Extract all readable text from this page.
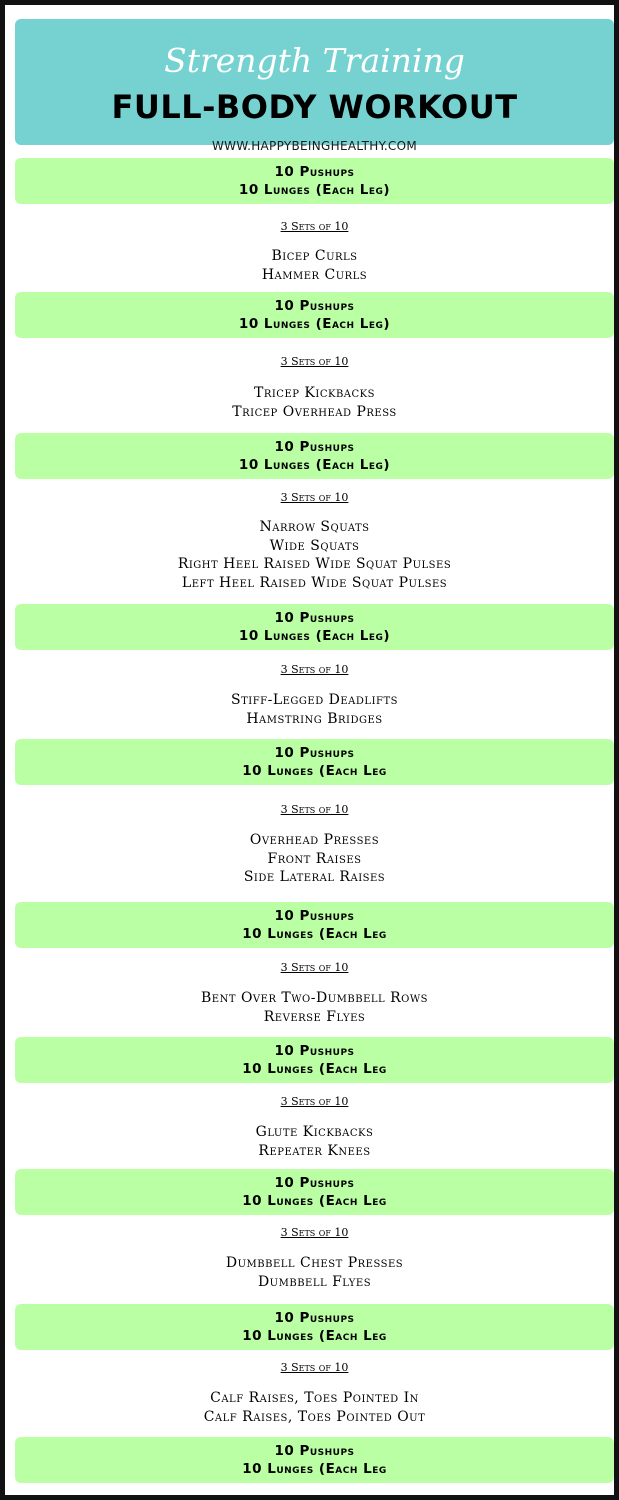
Strength Training
FULL-BODY WORKOUT
WWW.HAPPYBEINGHEALTHY.COM
10 Pushups
10 Lunges (Each Leg)
3 Sets of 10
Bicep Curls
Hammer Curls
10 Pushups
10 Lunges (Each Leg)
3 Sets of 10
Tricep Kickbacks
Tricep Overhead Press
10 Pushups
10 Lunges (Each Leg)
3 Sets of 10
Narrow Squats
Wide Squats
Right Heel Raised Wide Squat Pulses
Left Heel Raised Wide Squat Pulses
10 Pushups
10 Lunges (Each Leg)
3 Sets of 10
Stiff-Legged Deadlifts
Hamstring Bridges
10 Pushups
10 Lunges (Each Leg
3 Sets of 10
Overhead Presses
Front Raises
Side Lateral Raises
10 Pushups
10 Lunges (Each Leg
3 Sets of 10
Bent Over Two-Dumbbell Rows
Reverse Flyes
10 Pushups
10 Lunges (Each Leg
3 Sets of 10
Glute Kickbacks
Repeater Knees
10 Pushups
10 Lunges (Each Leg
3 Sets of 10
Dumbbell Chest Presses
Dumbbell Flyes
10 Pushups
10 Lunges (Each Leg
3 Sets of 10
Calf Raises, Toes Pointed In
Calf Raises, Toes Pointed Out
10 Pushups
10 Lunges (Each Leg
